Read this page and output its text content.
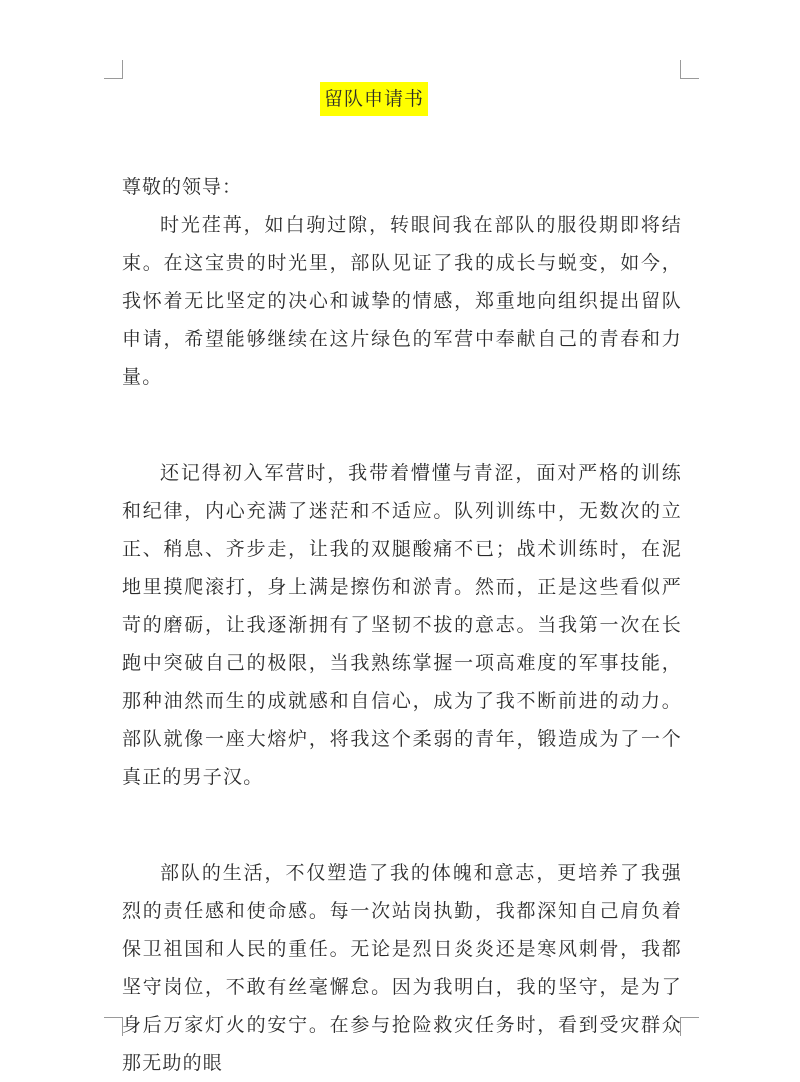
留队申请书

尊敬的领导：

时光荏苒，如白驹过隙，转眼间我在部队的服役期即将结束。在这宝贵的时光里，部队见证了我的成长与蜕变，如今，我怀着无比坚定的决心和诚挚的情感，郑重地向组织提出留队申请，希望能够继续在这片绿色的军营中奉献自己的青春和力量。

还记得初入军营时，我带着懵懂与青涩，面对严格的训练和纪律，内心充满了迷茫和不适应。队列训练中，无数次的立正、稍息、齐步走，让我的双腿酸痛不已；战术训练时，在泥地里摸爬滚打，身上满是擦伤和淤青。然而，正是这些看似严苛的磨砺，让我逐渐拥有了坚韧不拔的意志。当我第一次在长跑中突破自己的极限，当我熟练掌握一项高难度的军事技能，那种油然而生的成就感和自信心，成为了我不断前进的动力。部队就像一座大熔炉，将我这个柔弱的青年，锻造成为了一个真正的男子汉。

部队的生活，不仅塑造了我的体魄和意志，更培养了我强烈的责任感和使命感。每一次站岗执勤，我都深知自己肩负着保卫祖国和人民的重任。无论是烈日炎炎还是寒风刺骨，我都坚守岗位，不敢有丝毫懈怠。因为我明白，我的坚守，是为了身后万家灯火的安宁。在参与抢险救灾任务时，看到受灾群众那无助的眼
